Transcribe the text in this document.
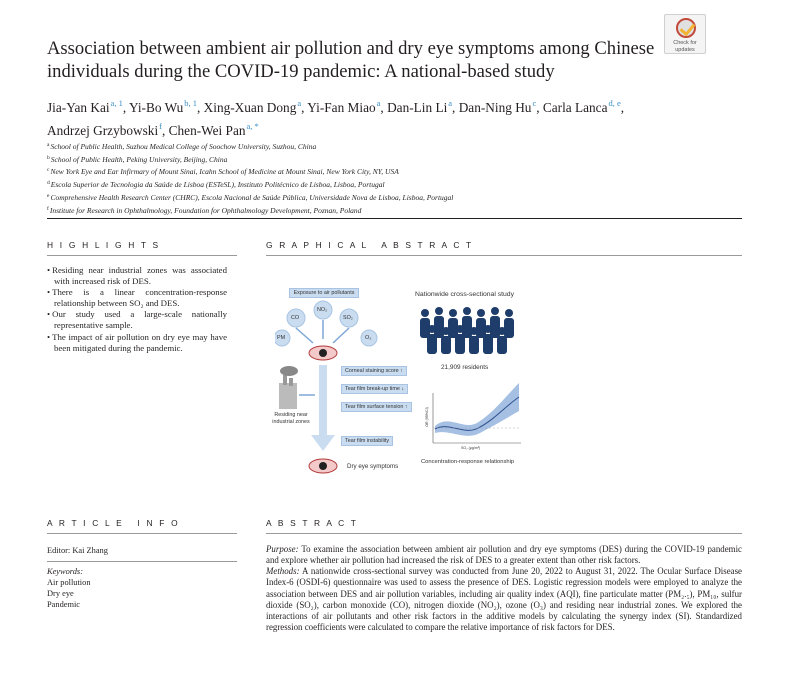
Association between ambient air pollution and dry eye symptoms among Chinese individuals during the COVID-19 pandemic: A national-based study
Check for updates
Jia-Yan Kai$^{a, 1}$, Yi-Bo Wu$^{b, 1}$, Xing-Xuan Dong$^a$, Yi-Fan Miao$^a$, Dan-Lin Li$^a$, Dan-Ning Hu$^c$, Carla Lanca$^{d, e}$, Andrzej Grzybowski$^f$, Chen-Wei Pan$^{a, *}$
$^a$School of Public Health, Suzhou Medical College of Soochow University, Suzhou, China
$^b$School of Public Health, Peking University, Beijing, China
$^c$New York Eye and Ear Infirmary of Mount Sinai, Icahn School of Medicine at Mount Sinai, New York City, NY, USA
$^d$Escola Superior de Tecnologia da Saúde de Lisboa (ESTeSL), Instituto Politécnico de Lisboa, Lisboa, Portugal
$^e$Comprehensive Health Research Center (CHRC), Escola Nacional de Saúde Pública, Universidade Nova de Lisboa, Lisboa, Portugal
$^f$Institute for Research in Ophthalmology, Foundation for Ophthalmology Development, Poznan, Poland
H I G H L I G H T S
• Residing near industrial zones was associated with increased risk of DES.
• There is a linear concentration-response relationship between SO₂ and DES.
• Our study used a large-scale nationally representative sample.
• The impact of air pollution on dry eye may have been mitigated during the pandemic.
G R A P H I C A L   A B S T R A C T
Exposure to air pollutants
CO
NO₂
SO₂
PM	O₃
Residing near industrial zones
Corneal staining score ↑
Tear film break-up time ↓
Tear film surface tension ↑
Tear film instability
Dry eye symptoms
Nationwide cross-sectional study
21,909 residents
SO₂ (μg/m³)
OR (95%CI)
Concentration-response relationship
A R T I C L E   I N F O
Editor: Kai Zhang
Keywords:
Air pollution
Dry eye
Pandemic
A B S T R A C T

Purpose: To examine the association between ambient air pollution and dry eye symptoms (DES) during the COVID-19 pandemic and explore whether air pollution had increased the risk of DES to a greater extent than other risk factors.

Methods: A nationwide cross-sectional survey was conducted from June 20, 2022 to August 31, 2022. The Ocular Surface Disease Index-6 (OSDI-6) questionnaire was used to assess the presence of DES. Logistic regression models were employed to analyze the association between DES and air pollution variables, including air quality index (AQI), fine particulate matter (PM₂.₅), PM₁₀, sulfur dioxide (SO₂), carbon monoxide (CO), nitrogen dioxide (NO₂), ozone (O₃) and residing near industrial zones. We explored the interactions of air pollutants and other risk factors in the additive models by calculating the synergy index (SI). Standardized regression coefficients were calculated to compare the relative importance of risk factors for DES.
